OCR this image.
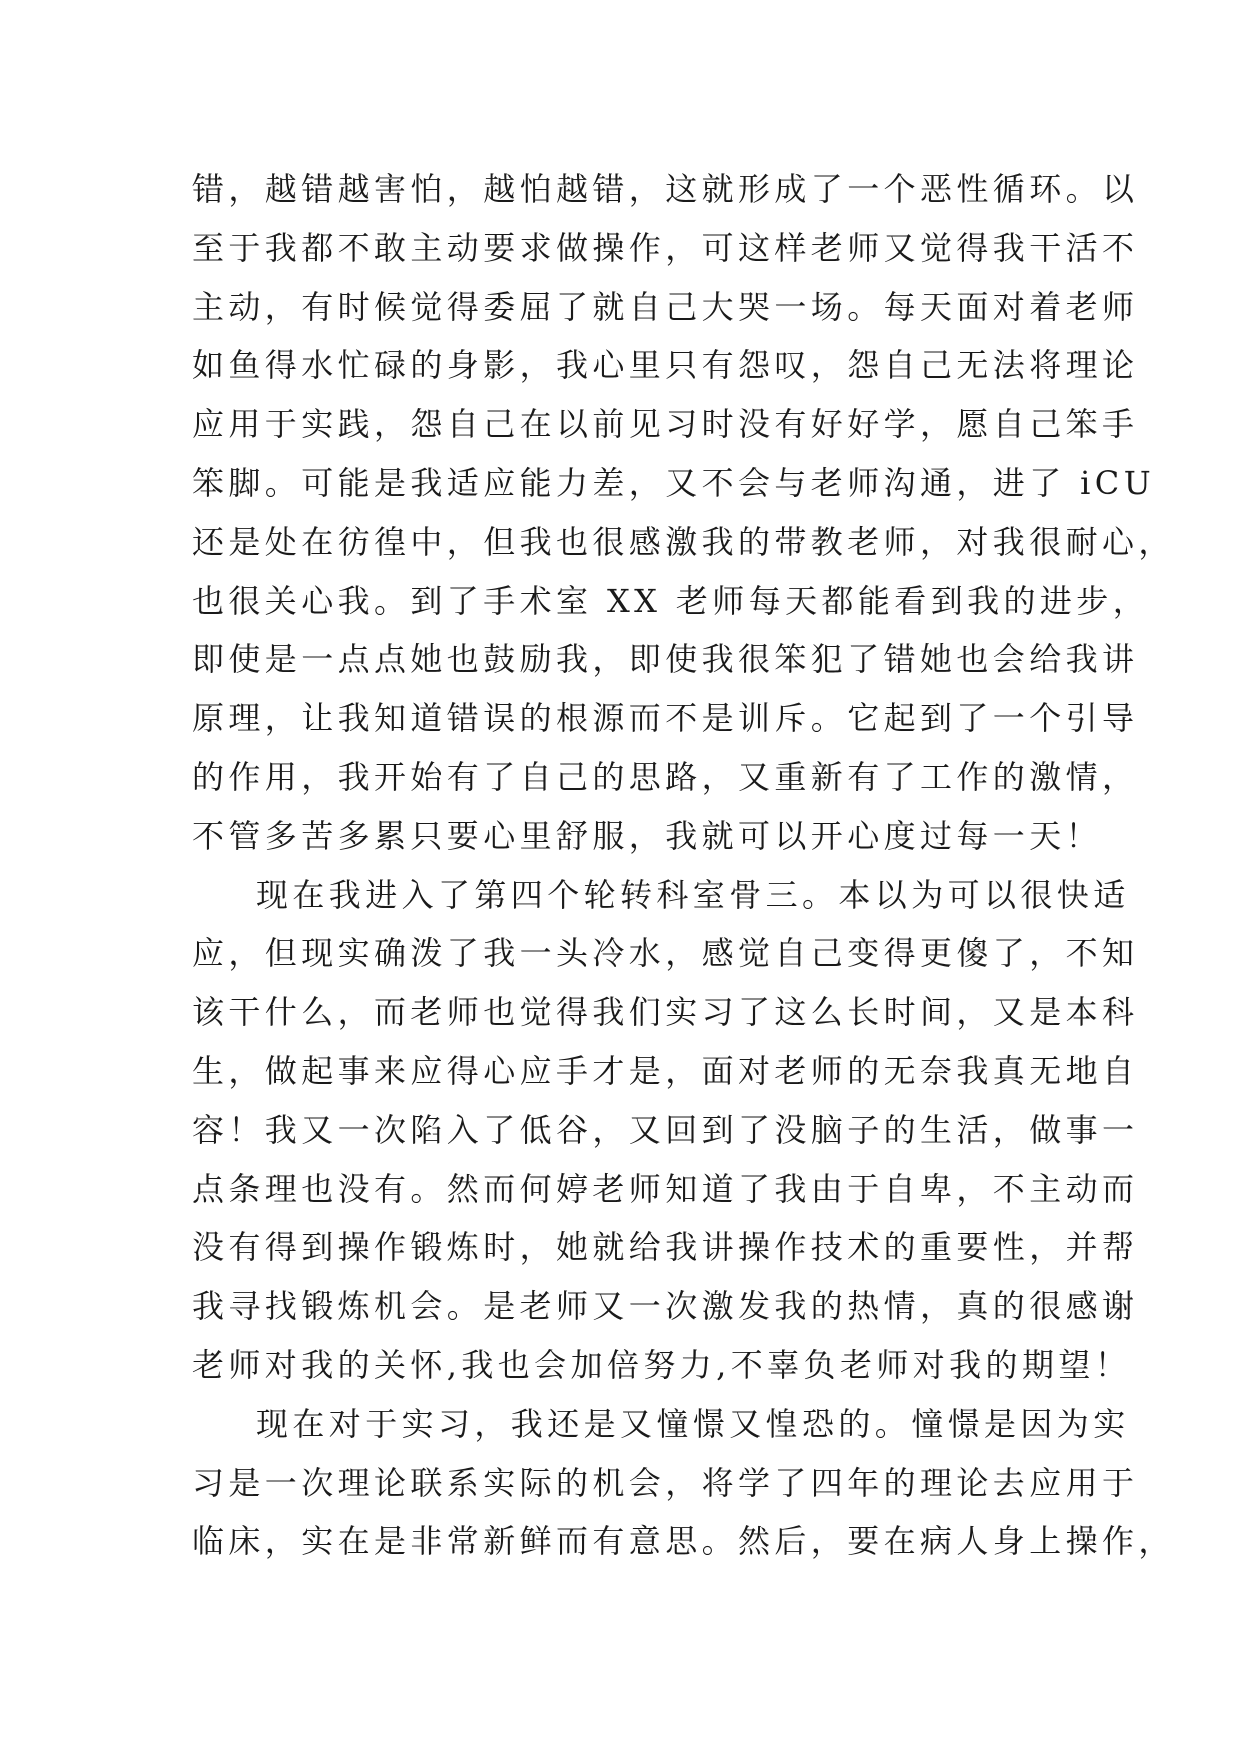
错，越错越害怕，越怕越错，这就形成了一个恶性循环。以
至于我都不敢主动要求做操作，可这样老师又觉得我干活不
主动，有时候觉得委屈了就自己大哭一场。每天面对着老师
如鱼得水忙碌的身影，我心里只有怨叹，怨自己无法将理论
应用于实践，怨自己在以前见习时没有好好学，愿自己笨手
笨脚。可能是我适应能力差，又不会与老师沟通，进了 iCU
还是处在彷徨中，但我也很感激我的带教老师，对我很耐心，
也很关心我。到了手术室 XX 老师每天都能看到我的进步，
即使是一点点她也鼓励我，即使我很笨犯了错她也会给我讲
原理，让我知道错误的根源而不是训斥。它起到了一个引导
的作用，我开始有了自己的思路，又重新有了工作的激情，
不管多苦多累只要心里舒服，我就可以开心度过每一天！
现在我进入了第四个轮转科室骨三。本以为可以很快适
应，但现实确泼了我一头冷水，感觉自己变得更傻了，不知
该干什么，而老师也觉得我们实习了这么长时间，又是本科
生，做起事来应得心应手才是，面对老师的无奈我真无地自
容！我又一次陷入了低谷，又回到了没脑子的生活，做事一
点条理也没有。然而何婷老师知道了我由于自卑，不主动而
没有得到操作锻炼时，她就给我讲操作技术的重要性，并帮
我寻找锻炼机会。是老师又一次激发我的热情，真的很感谢
老师对我的关怀,我也会加倍努力,不辜负老师对我的期望！
现在对于实习，我还是又憧憬又惶恐的。憧憬是因为实
习是一次理论联系实际的机会，将学了四年的理论去应用于
临床，实在是非常新鲜而有意思。然后，要在病人身上操作，
